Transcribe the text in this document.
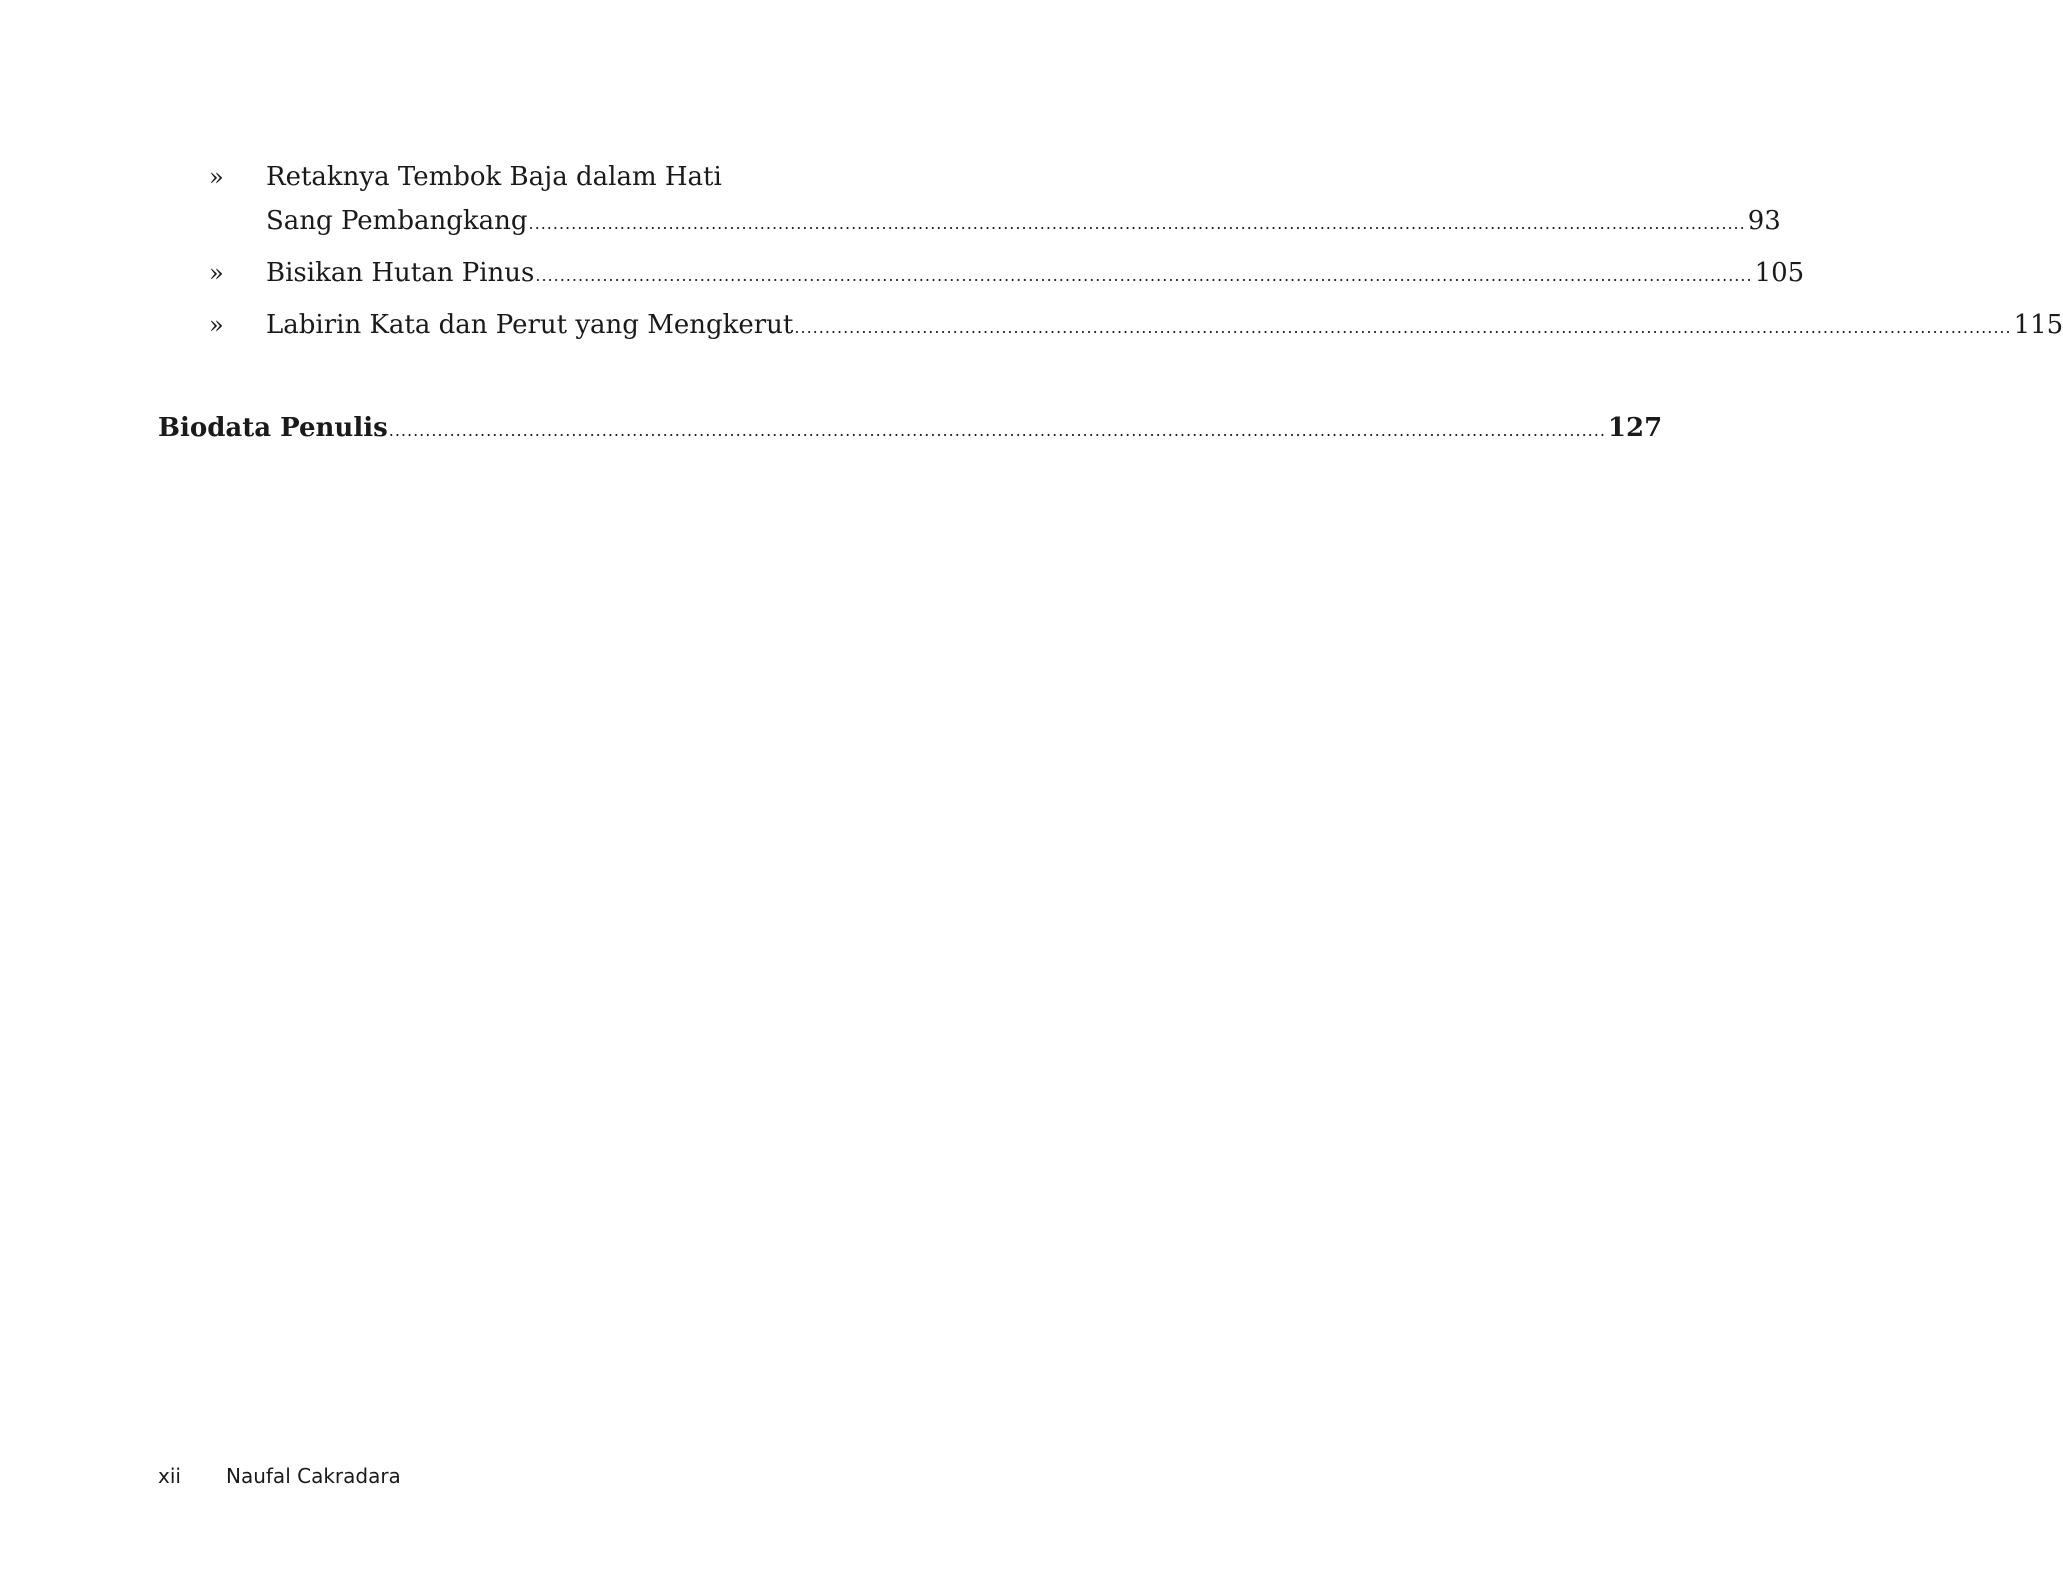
» Retaknya Tembok Baja dalam Hati
Sang Pembangkang ........................................................................................................................................................................................................ 93
» Bisikan Hutan Pinus ........................................................................................................................................................................................................ 105
» Labirin Kata dan Perut yang Mengkerut ........................................................................................................................................................................................................ 115
Biodata Penulis ........................................................................................................................................................................................................ 127
xii Naufal Cakradara
